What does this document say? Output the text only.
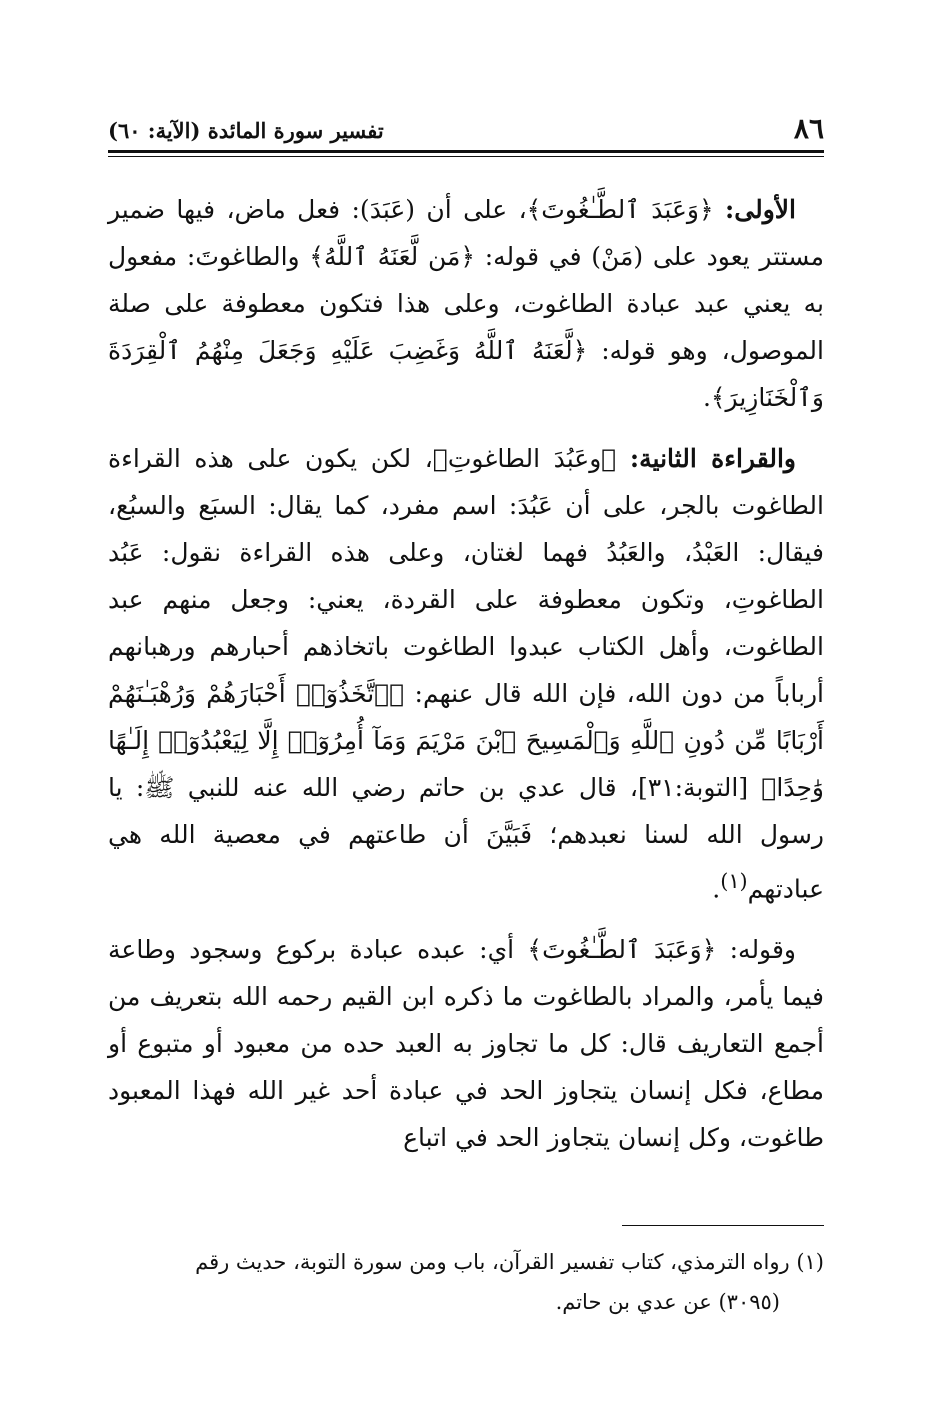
٨٦
تفسير سورة المائدة (الآية: ٦٠)

الأولى: ﴿وَعَبَدَ ٱلطَّـٰغُوتَ﴾، على أن (عَبَدَ): فعل ماض، فيها ضمير مستتر يعود على (مَنْ) في قوله: ﴿مَن لَّعَنَهُ ٱللَّهُ﴾ والطاغوتَ: مفعول به يعني عبد عبادة الطاغوت، وعلى هذا فتكون معطوفة على صلة الموصول، وهو قوله: ﴿لَّعَنَهُ ٱللَّهُ وَغَضِبَ عَلَيْهِ وَجَعَلَ مِنْهُمُ ٱلْقِرَدَةَ وَٱلْخَنَازِيرَ﴾.

والقراءة الثانية: ﴿وعَبُدَ الطاغوتِ﴾، لكن يكون على هذه القراءة الطاغوت بالجر، على أن عَبُدَ: اسم مفرد، كما يقال: السبَع والسبُع، فيقال: العَبْدُ، والعَبُدُ فهما لغتان، وعلى هذه القراءة نقول: عَبُد الطاغوتِ، وتكون معطوفة على القردة، يعني: وجعل منهم عبد الطاغوت، وأهل الكتاب عبدوا الطاغوت باتخاذهم أحبارهم ورهبانهم أرباباً من دون الله، فإن الله قال عنهم: ﴿ٱتَّخَذُوٓا۟ أَحْبَارَهُمْ وَرُهْبَـٰنَهُمْ أَرْبَابًا مِّن دُونِ ٱللَّهِ وَٱلْمَسِيحَ ٱبْنَ مَرْيَمَ وَمَآ أُمِرُوٓا۟ إِلَّا لِيَعْبُدُوٓا۟ إِلَـٰهًا وَٰحِدًا﴾ [التوبة:٣١]، قال عدي بن حاتم رضي الله عنه للنبي ﷺ: يا رسول الله لسنا نعبدهم؛ فَبَيَّنَ أن طاعتهم في معصية الله هي عبادتهم$^{(١)}$.

وقوله: ﴿وَعَبَدَ ٱلطَّـٰغُوتَ﴾ أي: عبده عبادة بركوع وسجود وطاعة فيما يأمر، والمراد بالطاغوت ما ذكره ابن القيم رحمه الله بتعريف من أجمع التعاريف قال: كل ما تجاوز به العبد حده من معبود أو متبوع أو مطاع، فكل إنسان يتجاوز الحد في عبادة أحد غير الله فهذا المعبود طاغوت، وكل إنسان يتجاوز الحد في اتباع

(١) رواه الترمذي، كتاب تفسير القرآن، باب ومن سورة التوبة، حديث رقم

(٣٠٩٥) عن عدي بن حاتم.
